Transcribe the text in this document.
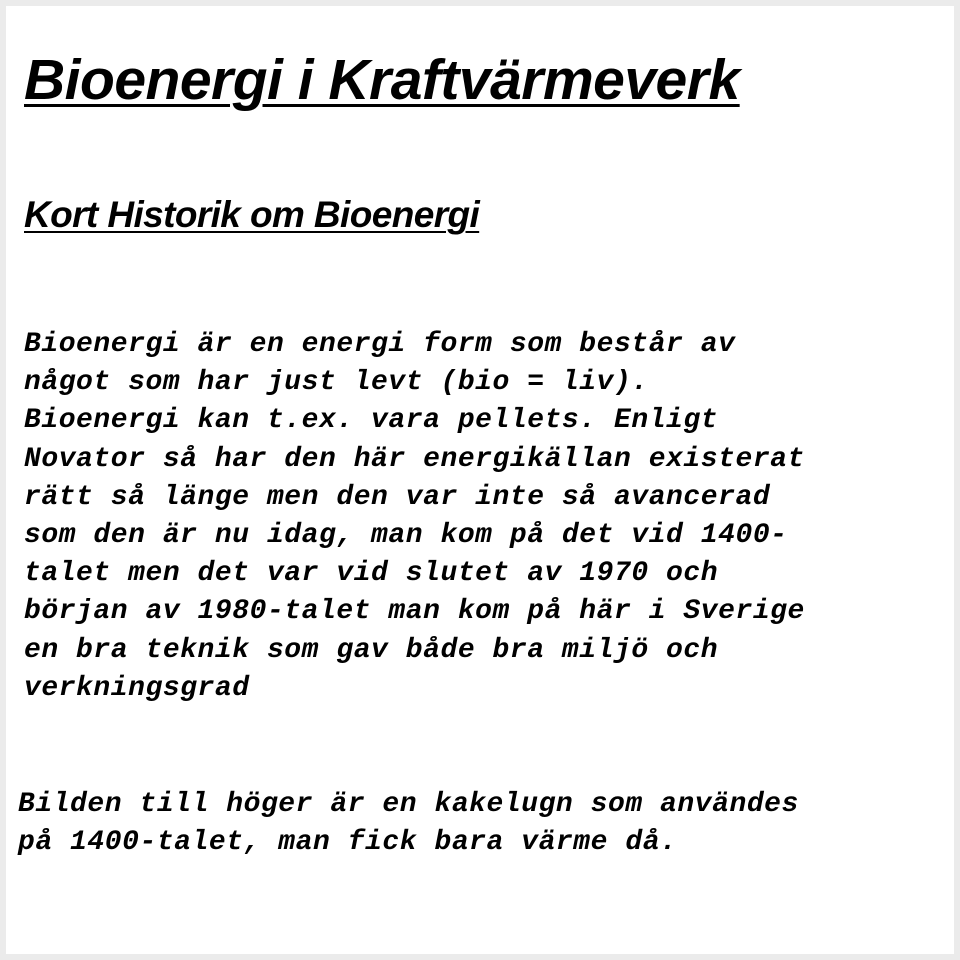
Bioenergi i Kraftvärmeverk
Kort Historik om Bioenergi

Bioenergi är en energi form som består av
något som har just levt (bio = liv).
Bioenergi kan t.ex. vara pellets. Enligt
Novator så har den här energikällan existerat
rätt så länge men den var inte så avancerad
som den är nu idag, man kom på det vid 1400-
talet men det var vid slutet av 1970 och
början av 1980-talet man kom på här i Sverige
en bra teknik som gav både bra miljö och
verkningsgrad

Bilden till höger är en kakelugn som användes
på 1400-talet, man fick bara värme då.
